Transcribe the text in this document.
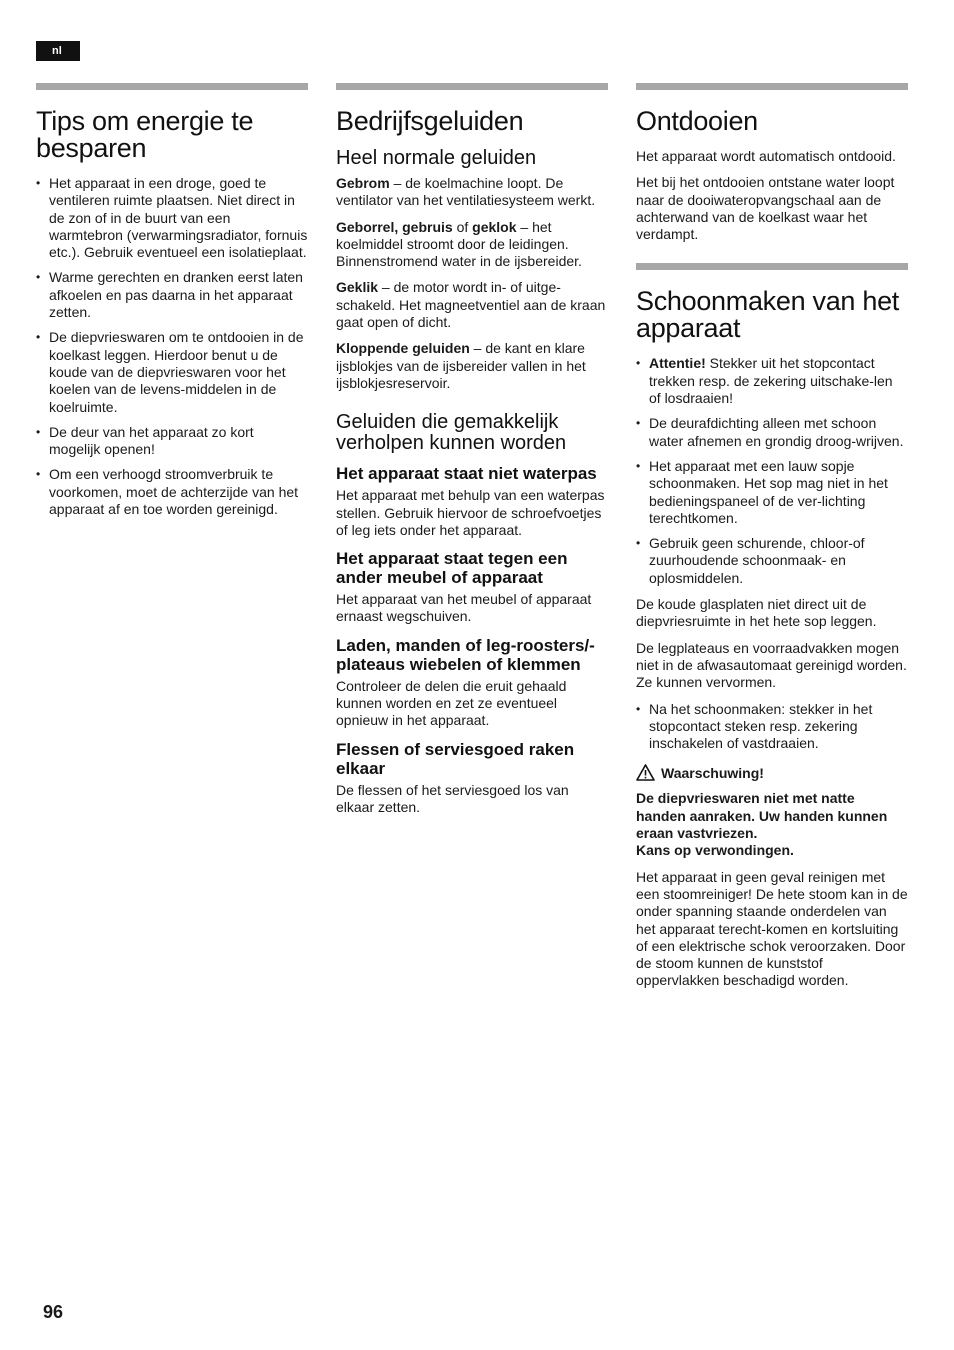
nl
Tips om energie te besparen
• Het apparaat in een droge, goed te ventileren ruimte plaatsen. Niet direct in de zon of in de buurt van een warmtebron (verwarmingsradiator, fornuis etc.). Gebruik eventueel een isolatieplaat.
• Warme gerechten en dranken eerst laten afkoelen en pas daarna in het apparaat zetten.
• De diepvrieswaren om te ontdooien in de koelkast leggen. Hierdoor benut u de koude van de diepvrieswaren voor het koelen van de levens-middelen in de koelruimte.
• De deur van het apparaat zo kort mogelijk openen!
• Om een verhoogd stroomverbruik te voorkomen, moet de achterzijde van het apparaat af en toe worden gereinigd.
Bedrijfsgeluiden
Heel normale geluiden

Gebrom – de koelmachine loopt. De ventilator van het ventilatiesysteem werkt.

Geborrel, gebruis of geklok – het koelmiddel stroomt door de leidingen. Binnenstromend water in de ijsbereider.

Geklik – de motor wordt in- of uitge-schakeld. Het magneetventiel aan de kraan gaat open of dicht.

Kloppende geluiden – de kant en klare ijsblokjes van de ijsbereider vallen in het ijsblokjesreservoir.

Geluiden die gemakkelijk verholpen kunnen worden
Het apparaat staat niet waterpas

Het apparaat met behulp van een waterpas stellen. Gebruik hiervoor de schroefvoetjes of leg iets onder het apparaat.

Het apparaat staat tegen een ander meubel of apparaat

Het apparaat van het meubel of apparaat ernaast wegschuiven.

Laden, manden of leg-roosters/-plateaus wiebelen of klemmen

Controleer de delen die eruit gehaald kunnen worden en zet ze eventueel opnieuw in het apparaat.

Flessen of serviesgoed raken elkaar

De flessen of het serviesgoed los van elkaar zetten.

Ontdooien

Het apparaat wordt automatisch ontdooid.

Het bij het ontdooien ontstane water loopt naar de dooiwateropvangschaal aan de achterwand van de koelkast waar het verdampt.

Schoonmaken van het apparaat
• Attentie! Stekker uit het stopcontact trekken resp. de zekering uitschake-len of losdraaien!
• De deurafdichting alleen met schoon water afnemen en grondig droog-wrijven.
• Het apparaat met een lauw sopje schoonmaken. Het sop mag niet in het bedieningspaneel of de ver-lichting terechtkomen.
• Gebruik geen schurende, chloor-of zuurhoudende schoonmaak- en oplosmiddelen.

De koude glasplaten niet direct uit de diepvriesruimte in het hete sop leggen.

De legplateaus en voorraadvakken mogen niet in de afwasautomaat gereinigd worden.
Ze kunnen vervormen.

• Na het schoonmaken: stekker in het stopcontact steken resp. zekering inschakelen of vastdraaien.
Waarschuwing!

De diepvrieswaren niet met natte handen aanraken. Uw handen kunnen eraan vastvriezen.
Kans op verwondingen.

Het apparaat in geen geval reinigen met een stoomreiniger! De hete stoom kan in de onder spanning staande onderdelen van het apparaat terecht-komen en kortsluiting of een elektrische schok veroorzaken. Door de stoom kunnen de kunststof oppervlakken beschadigd worden.

96
